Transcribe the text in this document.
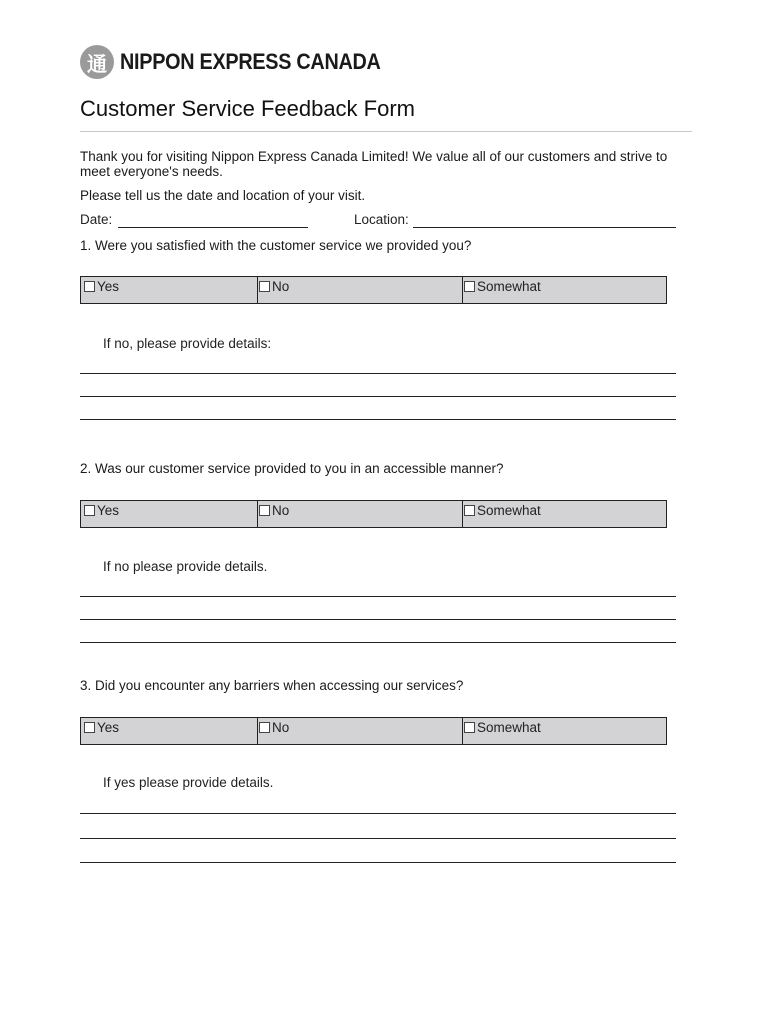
通 NIPPON EXPRESS CANADA
Customer Service Feedback Form
Thank you for visiting Nippon Express Canada Limited! We value all of our customers and strive to meet everyone's needs.
Please tell us the date and location of your visit.
Date:	Location:
1. Were you satisfied with the customer service we provided you?
Yes	No	Somewhat
If no, please provide details:
2. Was our customer service provided to you in an accessible manner?
Yes	No	Somewhat
If no please provide details.
3. Did you encounter any barriers when accessing our services?
Yes	No	Somewhat
If yes please provide details.
